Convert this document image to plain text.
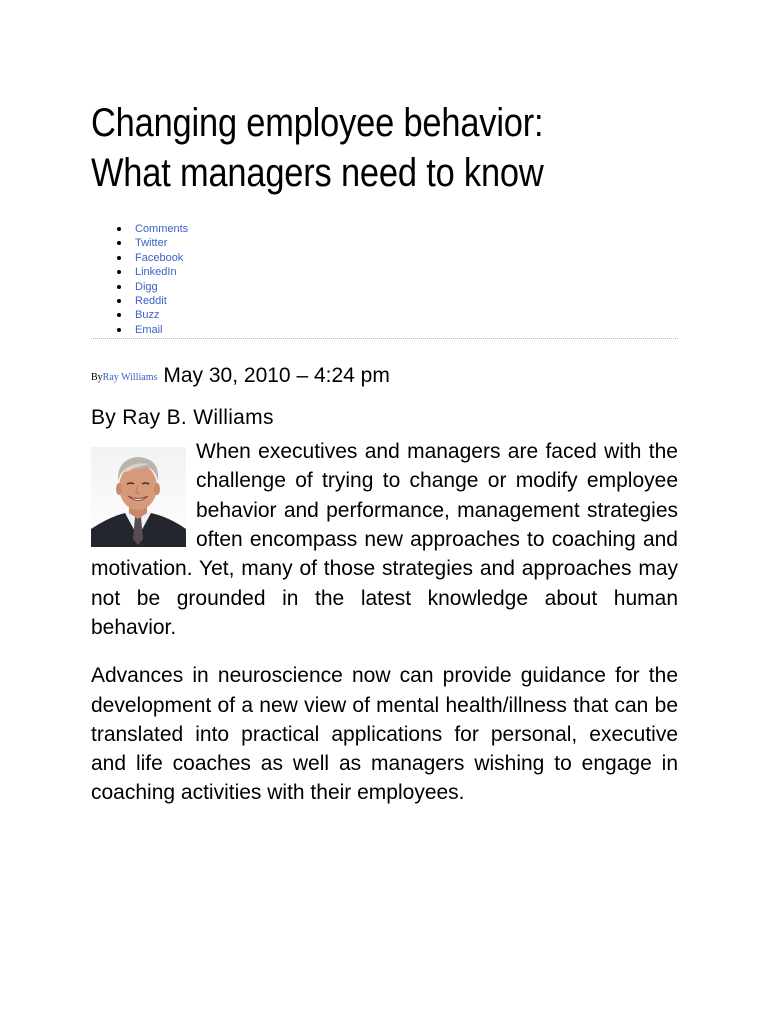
Changing employee behavior:
What managers need to know
Comments
Twitter
Facebook
LinkedIn
Digg
Reddit
Buzz
Email
ByRay Williams May 30, 2010 – 4:24 pm
By Ray B. Williams

When executives and managers are faced with the challenge of trying to change or modify employee behavior and performance, management strategies often encompass new approaches to coaching and motivation. Yet, many of those strategies and approaches may not be grounded in the latest knowledge about human behavior.

Advances in neuroscience now can provide guidance for the development of a new view of mental health/illness that can be translated into practical applications for personal, executive and life coaches as well as managers wishing to engage in coaching activities with their employees.
